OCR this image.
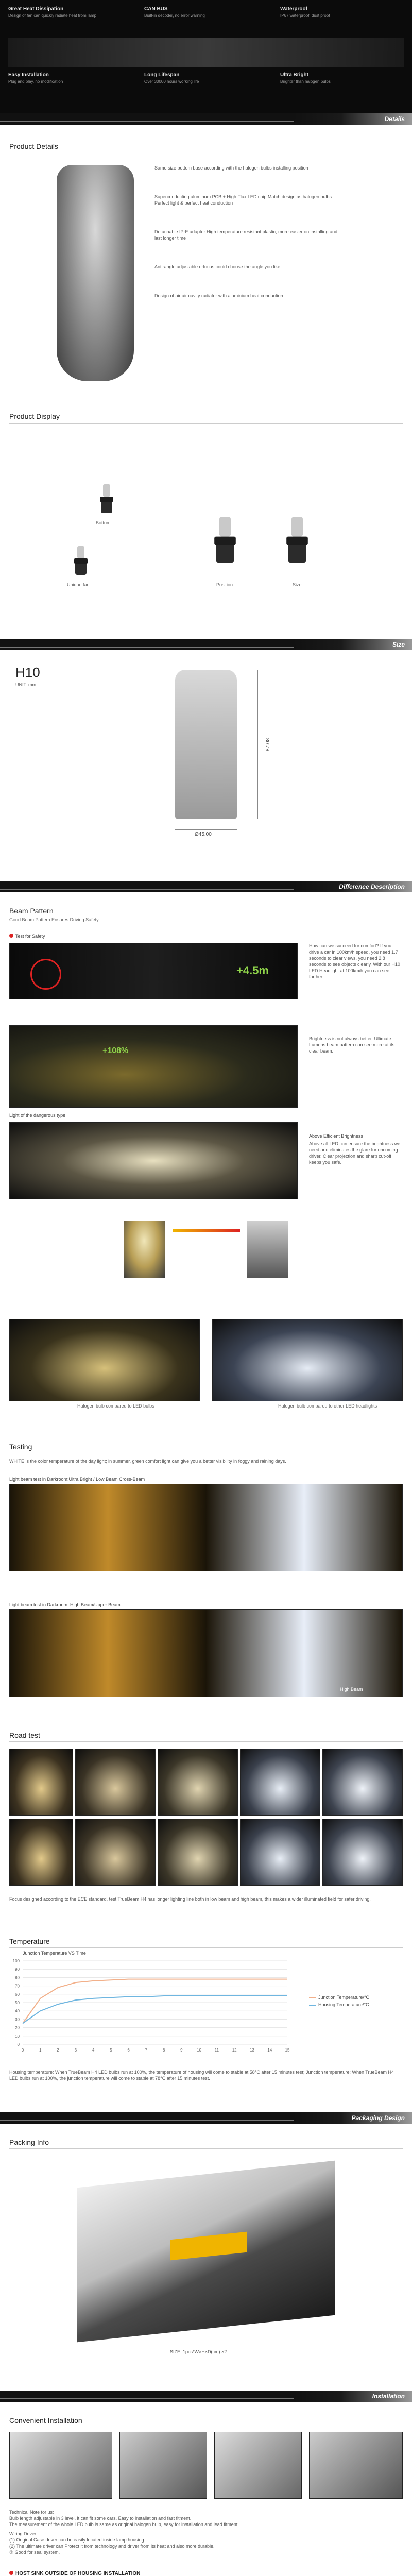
Great Heat Dissipation
Design of fan can quickly radiate heat from lamp
CAN BUS
Built-in decoder, no error warning
Waterproof
IP67 waterproof, dust proof
Easy Installation
Plug and play, no modification
Long Lifespan
Over 30000 hours working life
Ultra Bright
Brighter than halogen bulbs
Details
Product Details
Same size bottom base according with the halogen bulbs installing position
Superconducting aluminum PCB + High Flux LED chip Match design as halogen bulbs Perfect light & perfect heat conduction
Detachable IP-E adapter High temperature resistant plastic, more easier on installing and last longer time
Anti-angle adjustable e-focus could choose the angle you like
Design of air air cavity radiator with aluminium heat conduction
Product Display
Bottom
Unique fan	Position	Size
Size
H10
UNIT: mm
87.08
Ø45.00
Difference Description
Beam Pattern
Good Beam Pattern Ensures Driving Safety
Test for Safety
+4.5m
How can we succeed for comfort? If you drive a car in 100km/h speed, you need 1.7 seconds to clear views, you need 2.8 seconds to see objects clearly. With our H10 LED Headlight at 100km/h you can see farther.
+108%
Brightness is not always better. Ultimate Lumens beam pattern can see more at its clear beam.
Light of the dangerous type
Above Efficient Brightness
Above all LED can ensure the brightness we need and eliminates the glare for oncoming driver. Clear projection and sharp cut-off keeps you safe.
Halogen bulb compared to LED bulbs	Halogen bulb compared to other LED headlights
Testing
WHITE is the color temperature of the day light; in summer, green comfort light can give you a better visibility in foggy and raining days.
Light beam test in Darkroom:Ultra Bright / Low Beam Cross-Beam
Light beam test in Darkroom: High Beam/Upper Beam
High Beam
Road test
Focus designed according to the ECE standard, test TrueBeam H4 has longer lighting line both in low beam and high beam, this makes a wider illuminated field for safer driving.
Temperature
Junction Temperature VS Time
100
90
80
70
60
50
40
30
20
10
0
0	1	2	3	4	5	6	7	8	9	10	11	12	13	14	15
Junction Temperature/°C
Housing Temperature/°C
Housing temperature: When TrueBeam H4 LED bulbs run at 100%, the temperature of housing will come to stable at 58°C after 15 minutes test; Junction temperature: When TrueBeam H4 LED bulbs run at 100%, the junction temperature will come to stable at 78°C after 15 minutes test.
Packaging Design
Packing Info
SIZE: 1pcs*W×H×D(cm) ×2
Installation
Convenient Installation
Technical Note for us:
Bulb length adjustable in 3 level, it can fit some cars. Easy to installation and fast fitment.
The measurement of the whole LED bulb is same as original halogen bulb, easy for installation and lead fitment.
Wiring Driver:
(1) Original Case driver can be easily located inside lamp housing
(2) The ultimate driver can Protect it from technology and driver from its heat and also more durable.
① Good for seal system.
HOST SINK OUTSIDE OF HOUSING INSTALLATION
